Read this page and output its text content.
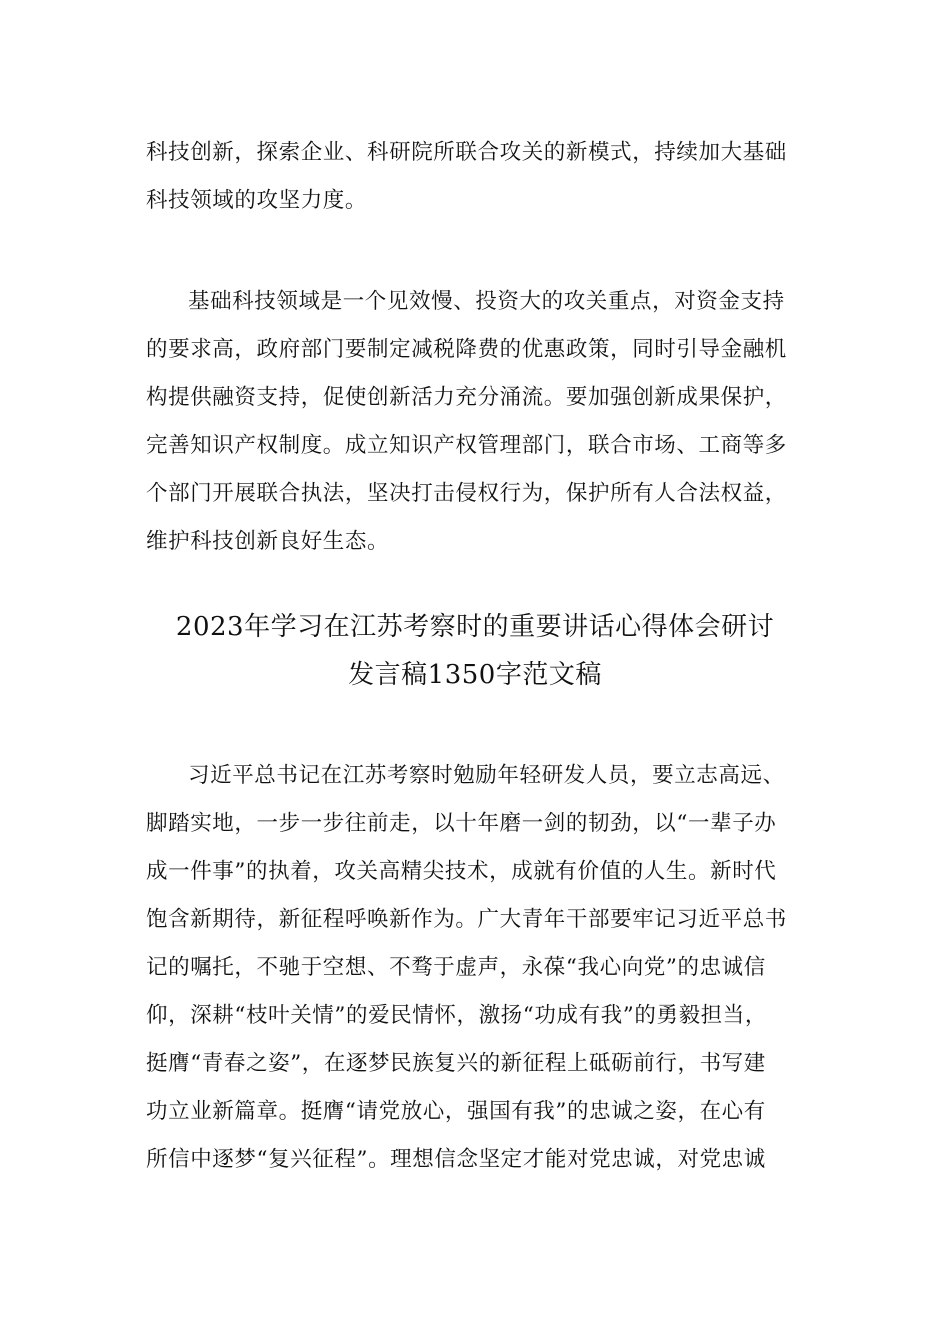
科技创新，探索企业、科研院所联合攻关的新模式，持续加大基础
科技领域的攻坚力度。
基础科技领域是一个见效慢、投资大的攻关重点，对资金支持
的要求高，政府部门要制定减税降费的优惠政策，同时引导金融机
构提供融资支持，促使创新活力充分涌流。要加强创新成果保护，
完善知识产权制度。成立知识产权管理部门，联合市场、工商等多
个部门开展联合执法，坚决打击侵权行为，保护所有人合法权益，
维护科技创新良好生态。
2023年学习在江苏考察时的重要讲话心得体会研讨
发言稿1350字范文稿
习近平总书记在江苏考察时勉励年轻研发人员，要立志高远、
脚踏实地，一步一步往前走，以十年磨一剑的韧劲，以“一辈子办
成一件事”的执着，攻关高精尖技术，成就有价值的人生。新时代
饱含新期待，新征程呼唤新作为。广大青年干部要牢记习近平总书
记的嘱托，不驰于空想、不骛于虚声，永葆“我心向党”的忠诚信
仰，深耕“枝叶关情”的爱民情怀，激扬“功成有我”的勇毅担当，
挺膺“青春之姿”，在逐梦民族复兴的新征程上砥砺前行，书写建
功立业新篇章。挺膺“请党放心，强国有我”的忠诚之姿，在心有
所信中逐梦“复兴征程”。理想信念坚定才能对党忠诚，对党忠诚
